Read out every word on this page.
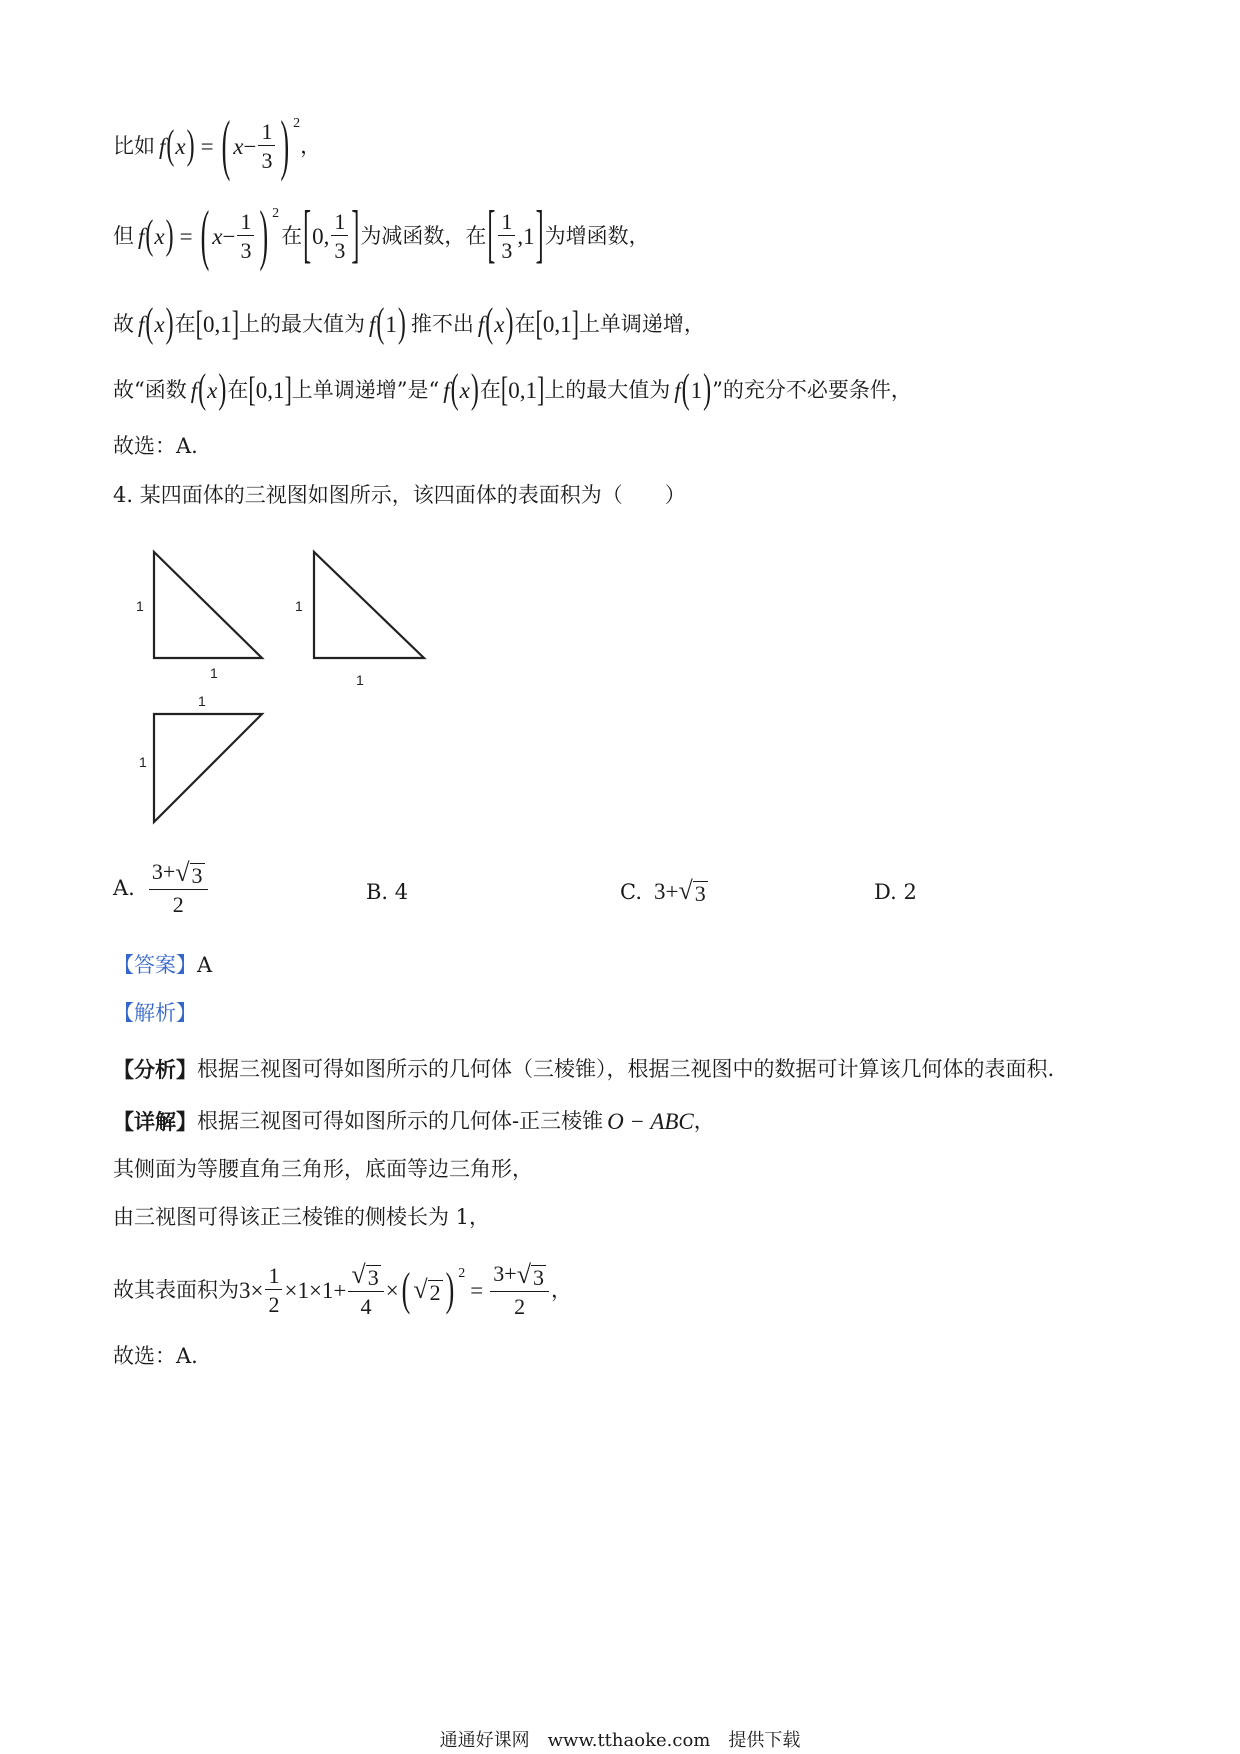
比如 f ( x ) = ( $x - \frac{1}{3}$ ) $^2$
，
但 f ( x ) = ( $x - \frac{1}{3}$ ) $^2$
在 [ 0, $\frac{1}{3}$ ] 为减函数，在 [ $\frac{1}{3} ,1$ ] 为增函数，
故 f ( x ) 在 [ 0,1 ] 上的最大值为 f ( 1 ) 推不出 f ( x ) 在 [ 0,1 ] 上单调递增，
故“函数 f ( x ) 在 [ 0,1 ] 上单调递增”是“ f ( x ) 在 [ 0,1 ] 上的最大值为 f ( 1 ) ”的充分不必要条件，
故选：A.
4. 某四面体的三视图如图所示，该四面体的表面积为（　　）
1
1
1
1
1
1
A. $\frac{3+ √ 3}{2}$	B. 4	C. 3+ √ 3	D. 2
【答案】 A
【解析】
【分析】 根据三视图可得如图所示的几何体（三棱锥），根据三视图中的数据可计算该几何体的表面积.
【详解】 根据三视图可得如图所示的几何体-正三棱锥 O − ABC ，
其侧面为等腰直角三角形，底面等边三角形，
由三视图可得该正三棱锥的侧棱长为 1，
故其表面积为 $3\times \frac{1}{2} \times 1\times 1+ \frac{√ 3}{4}$ × ( √ 2 ) $^2$
= $\frac{3+ √ 3}{2}$ ，
故选：A.
通通好课网　www.tthaoke.com　提供下载
